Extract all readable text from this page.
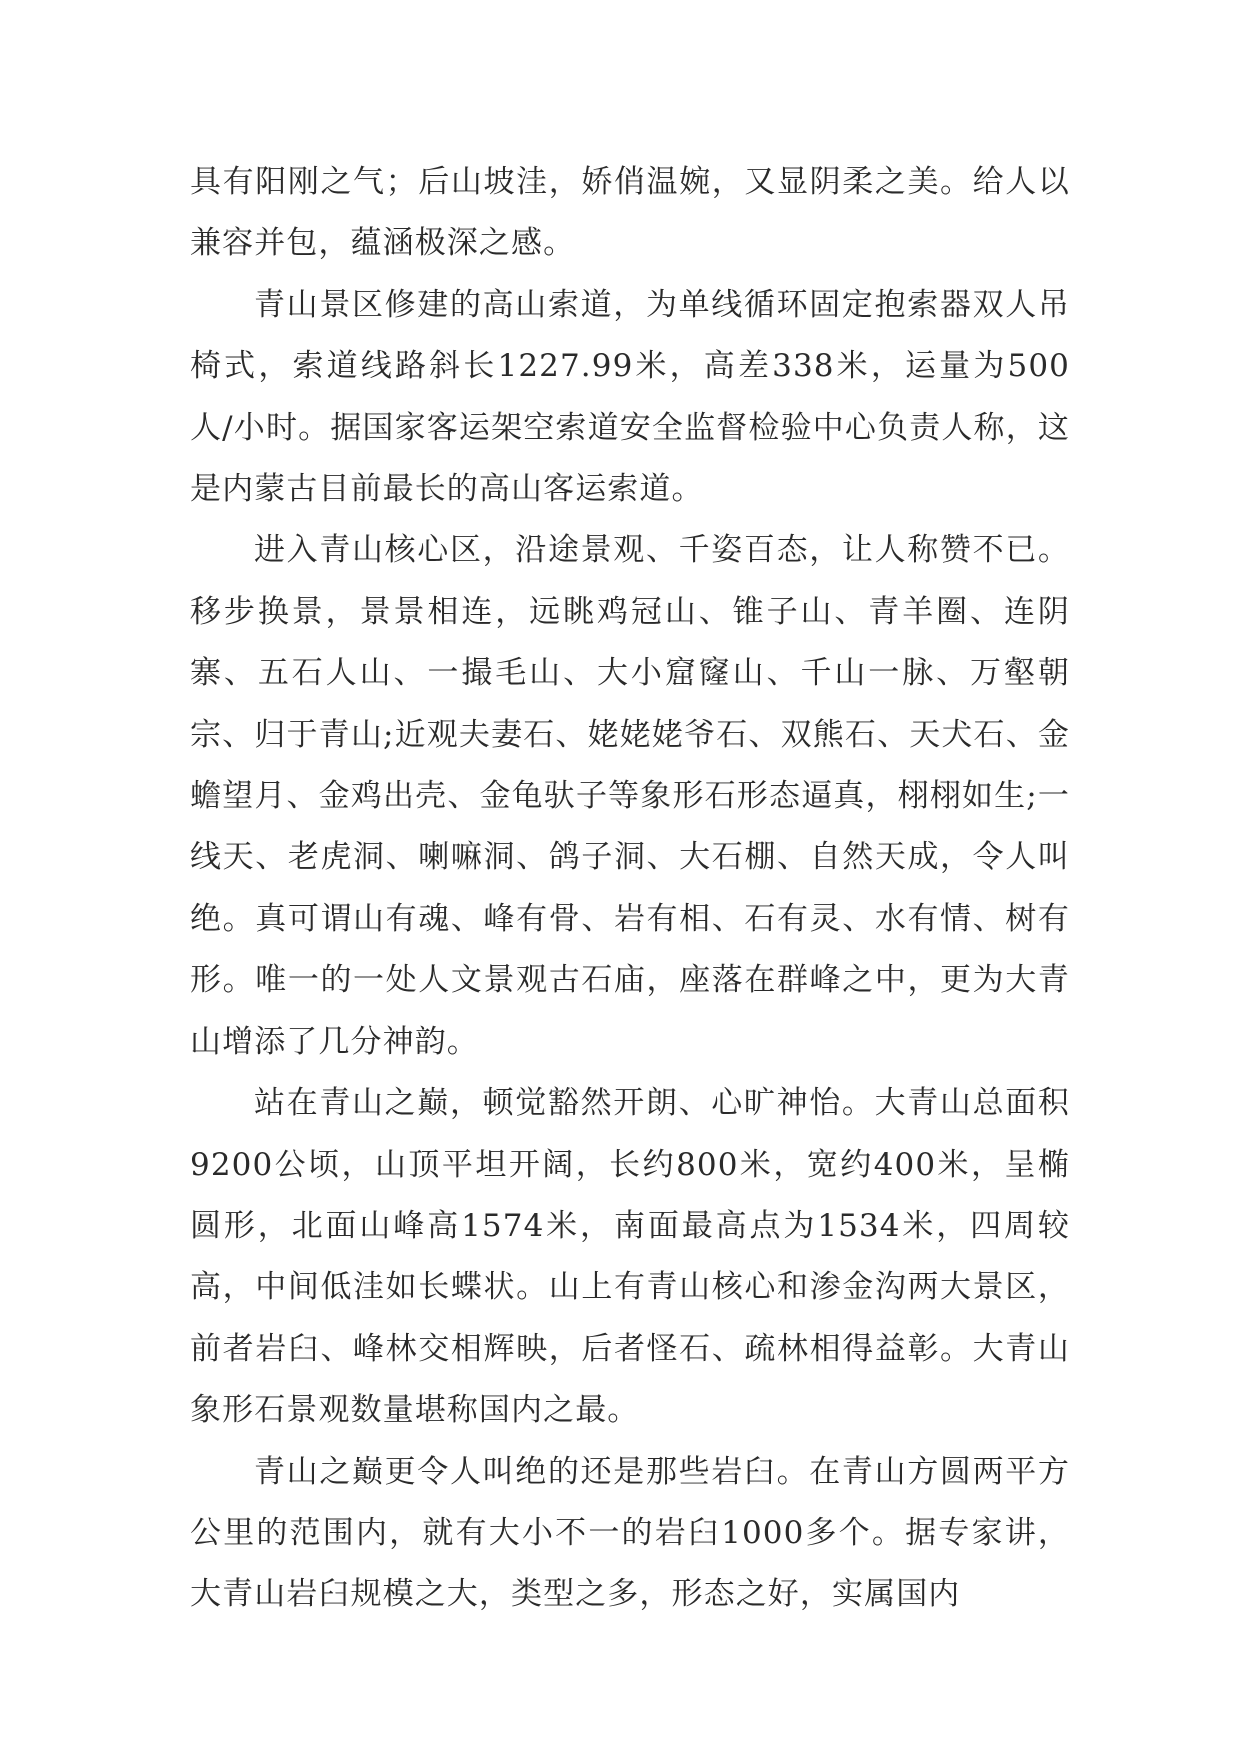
具有阳刚之气；后山坡洼，娇俏温婉，又显阴柔之美。给人以兼容并包，蕴涵极深之感。

青山景区修建的高山索道，为单线循环固定抱索器双人吊椅式，索道线路斜长1227.99米，高差338米，运量为500人/小时。据国家客运架空索道安全监督检验中心负责人称，这是内蒙古目前最长的高山客运索道。

进入青山核心区，沿途景观、千姿百态，让人称赞不已。移步换景，景景相连，远眺鸡冠山、锥子山、青羊圈、连阴寨、五石人山、一撮毛山、大小窟窿山、千山一脉、万壑朝宗、归于青山;近观夫妻石、姥姥姥爷石、双熊石、天犬石、金蟾望月、金鸡出壳、金龟驮子等象形石形态逼真，栩栩如生;一线天、老虎洞、喇嘛洞、鸽子洞、大石棚、自然天成，令人叫绝。真可谓山有魂、峰有骨、岩有相、石有灵、水有情、树有形。唯一的一处人文景观古石庙，座落在群峰之中，更为大青山增添了几分神韵。

站在青山之巅，顿觉豁然开朗、心旷神怡。大青山总面积9200公顷，山顶平坦开阔，长约800米，宽约400米，呈椭圆形，北面山峰高1574米，南面最高点为1534米，四周较高，中间低洼如长蝶状。山上有青山核心和渗金沟两大景区，前者岩臼、峰林交相辉映，后者怪石、疏林相得益彰。大青山象形石景观数量堪称国内之最。

青山之巅更令人叫绝的还是那些岩臼。在青山方圆两平方公里的范围内，就有大小不一的岩臼1000多个。据专家讲，大青山岩臼规模之大，类型之多，形态之好，实属国内
